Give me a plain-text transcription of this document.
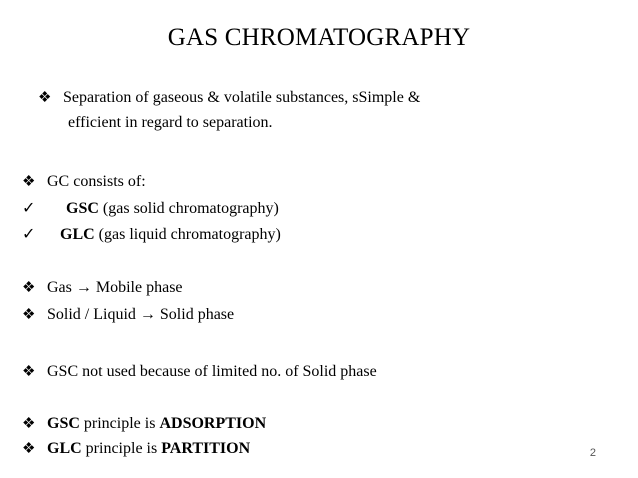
GAS CHROMATOGRAPHY
❖ Separation of gaseous & volatile substances, sSimple &
efficient in regard to separation.
❖ GC consists of:
✓	GSC
(gas solid chromatography)
✓	GLC
(gas liquid chromatography)
❖ Gas → Mobile phase
❖ Solid / Liquid → Solid phase
❖ GSC not used because of limited no. of Solid phase
❖ GSC
principle is
ADSORPTION
❖ GLC
principle is
PARTITION	2
